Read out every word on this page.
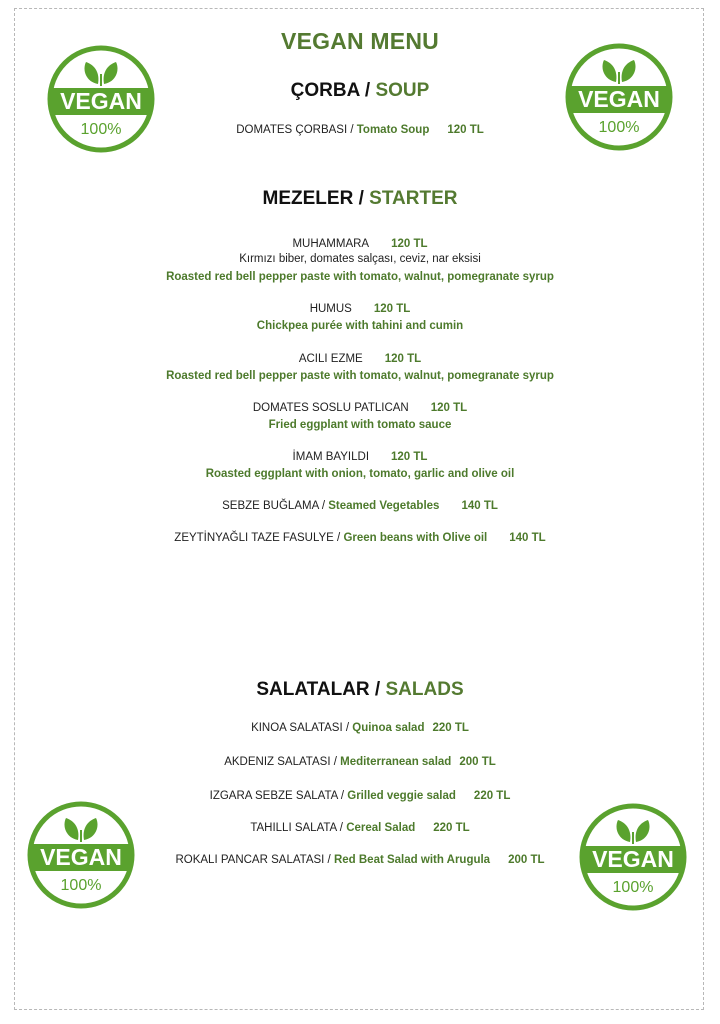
VEGAN
100%
VEGAN
100%
VEGAN
100%
VEGAN
100%
VEGAN MENU
ÇORBA / SOUP
DOMATES ÇORBASI / Tomato Soup 120 TL
MEZELER / STARTER
MUHAMMARA 120 TL
Kırmızı biber, domates salçası, ceviz, nar eksisi
Roasted red bell pepper paste with tomato, walnut, pomegranate syrup
HUMUS 120 TL
Chickpea purée with tahini and cumin
ACILI EZME 120 TL
Roasted red bell pepper paste with tomato, walnut, pomegranate syrup
DOMATES SOSLU PATLICAN 120 TL
Fried eggplant with tomato sauce
İMAM BAYILDI 120 TL
Roasted eggplant with onion, tomato, garlic and olive oil
SEBZE BUĞLAMA / Steamed Vegetables 140 TL
ZEYTİNYAĞLI TAZE FASULYE / Green beans with Olive oil 140 TL
SALATALAR / SALADS
KINOA SALATASI / Quinoa salad 220 TL
AKDENIZ SALATASI / Mediterranean salad 200 TL
IZGARA SEBZE SALATA / Grilled veggie salad 220 TL
TAHILLI SALATA / Cereal Salad 220 TL
ROKALI PANCAR SALATASI / Red Beat Salad with Arugula 200 TL
